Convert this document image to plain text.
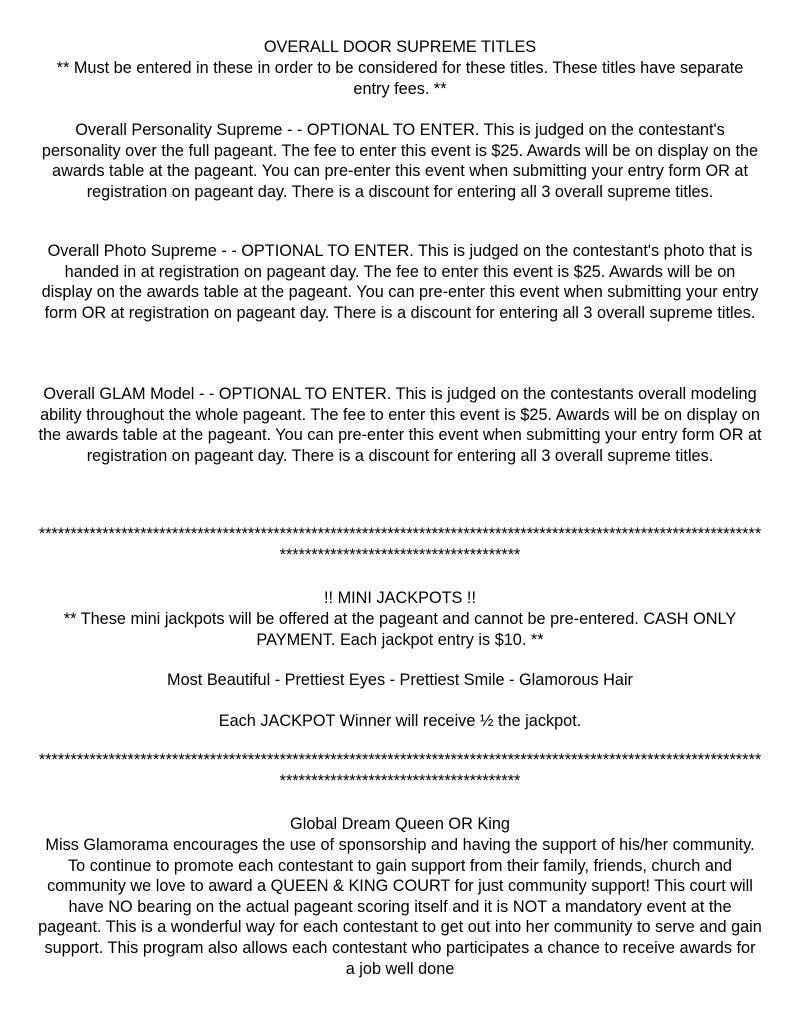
OVERALL DOOR SUPREME TITLES

** Must be entered in these in order to be considered for these titles. These titles have separate entry fees. **

Overall Personality Supreme - - OPTIONAL TO ENTER. This is judged on the contestant's personality over the full pageant. The fee to enter this event is $25. Awards will be on display on the awards table at the pageant. You can pre-enter this event when submitting your entry form OR at registration on pageant day. There is a discount for entering all 3 overall supreme titles.

Overall Photo Supreme - - OPTIONAL TO ENTER. This is judged on the contestant's photo that is handed in at registration on pageant day. The fee to enter this event is $25. Awards will be on display on the awards table at the pageant. You can pre-enter this event when submitting your entry form OR at registration on pageant day. There is a discount for entering all 3 overall supreme titles.

Overall GLAM Model - - OPTIONAL TO ENTER. This is judged on the contestants overall modeling ability throughout the whole pageant. The fee to enter this event is $25. Awards will be on display on the awards table at the pageant. You can pre-enter this event when submitting your entry form OR at registration on pageant day. There is a discount for entering all 3 overall supreme titles.

********************************************************************************************************************************************************

!! MINI JACKPOTS !!

** These mini jackpots will be offered at the pageant and cannot be pre-entered. CASH ONLY PAYMENT. Each jackpot entry is $10. **

Most Beautiful - Prettiest Eyes - Prettiest Smile - Glamorous Hair

Each JACKPOT Winner will receive ½ the jackpot.

********************************************************************************************************************************************************

Global Dream Queen OR King

Miss Glamorama encourages the use of sponsorship and having the support of his/her community. To continue to promote each contestant to gain support from their family, friends, church and community we love to award a QUEEN & KING COURT for just community support! This court will have NO bearing on the actual pageant scoring itself and it is NOT a mandatory event at the pageant. This is a wonderful way for each contestant to get out into her community to serve and gain support. This program also allows each contestant who participates a chance to receive awards for a job well done
